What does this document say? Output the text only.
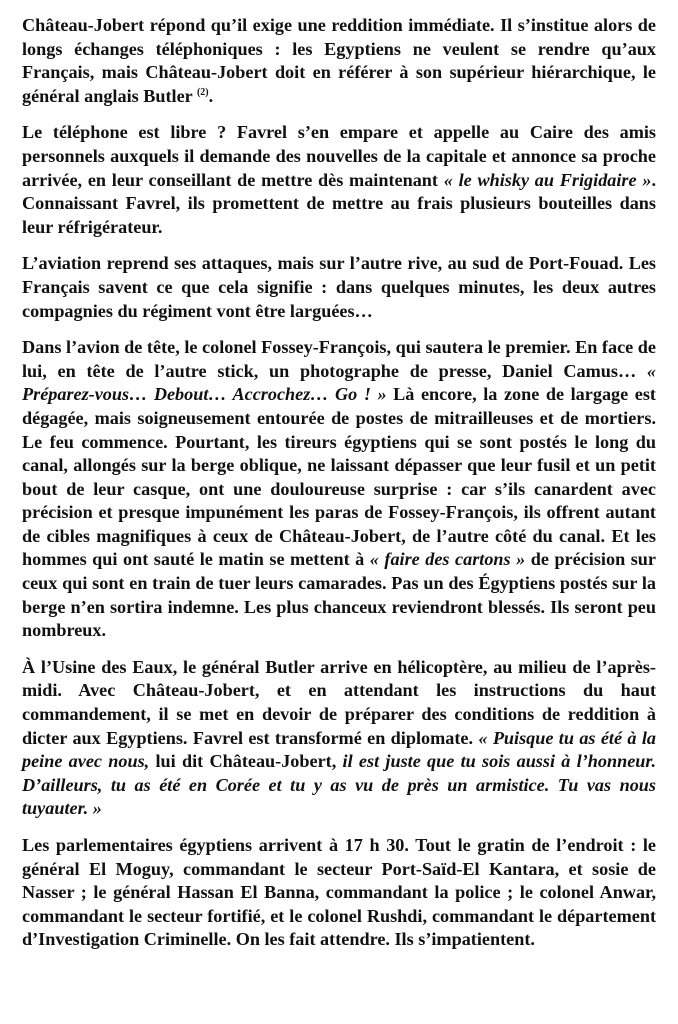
Château-Jobert répond qu’il exige une reddition immédiate. Il s’institue alors de longs échanges téléphoniques : les Egyptiens ne veulent se rendre qu’aux Français, mais Château-Jobert doit en référer à son supérieur hiérarchique, le général anglais Butler $^{(2)}$.

Le téléphone est libre ? Favrel s’en empare et appelle au Caire des amis personnels auxquels il demande des nouvelles de la capitale et annonce sa proche arrivée, en leur conseillant de mettre dès maintenant « le whisky au Frigidaire ». Connaissant Favrel, ils promettent de mettre au frais plusieurs bouteilles dans leur réfrigérateur.

L’aviation reprend ses attaques, mais sur l’autre rive, au sud de Port-Fouad. Les Français savent ce que cela signifie : dans quelques minutes, les deux autres compagnies du régiment vont être larguées…

Dans l’avion de tête, le colonel Fossey-François, qui sautera le premier. En face de lui, en tête de l’autre stick, un photographe de presse, Daniel Camus… « Préparez-vous… Debout… Accrochez… Go ! » Là encore, la zone de largage est dégagée, mais soigneusement entourée de postes de mitrailleuses et de mortiers. Le feu commence. Pourtant, les tireurs égyptiens qui se sont postés le long du canal, allongés sur la berge oblique, ne laissant dépasser que leur fusil et un petit bout de leur casque, ont une douloureuse surprise : car s’ils canardent avec précision et presque impunément les paras de Fossey-François, ils offrent autant de cibles magnifiques à ceux de Château-Jobert, de l’autre côté du canal. Et les hommes qui ont sauté le matin se mettent à « faire des cartons » de précision sur ceux qui sont en train de tuer leurs camarades. Pas un des Égyptiens postés sur la berge n’en sortira indemne. Les plus chanceux reviendront blessés. Ils seront peu nombreux.

À l’Usine des Eaux, le général Butler arrive en hélicoptère, au milieu de l’après-midi. Avec Château-Jobert, et en attendant les instructions du haut commandement, il se met en devoir de préparer des conditions de reddition à dicter aux Egyptiens. Favrel est transformé en diplomate. « Puisque tu as été à la peine avec nous, lui dit Château-Jobert, il est juste que tu sois aussi à l’honneur. D’ailleurs, tu as été en Corée et tu y as vu de près un armistice. Tu vas nous tuyauter. »

Les parlementaires égyptiens arrivent à 17 h 30. Tout le gratin de l’endroit : le général El Moguy, commandant le secteur Port-Saïd-El Kantara, et sosie de Nasser ; le général Hassan El Banna, commandant la police ; le colonel Anwar, commandant le secteur fortifié, et le colonel Rushdi, commandant le département d’Investigation Criminelle. On les fait attendre. Ils s’impatientent.
